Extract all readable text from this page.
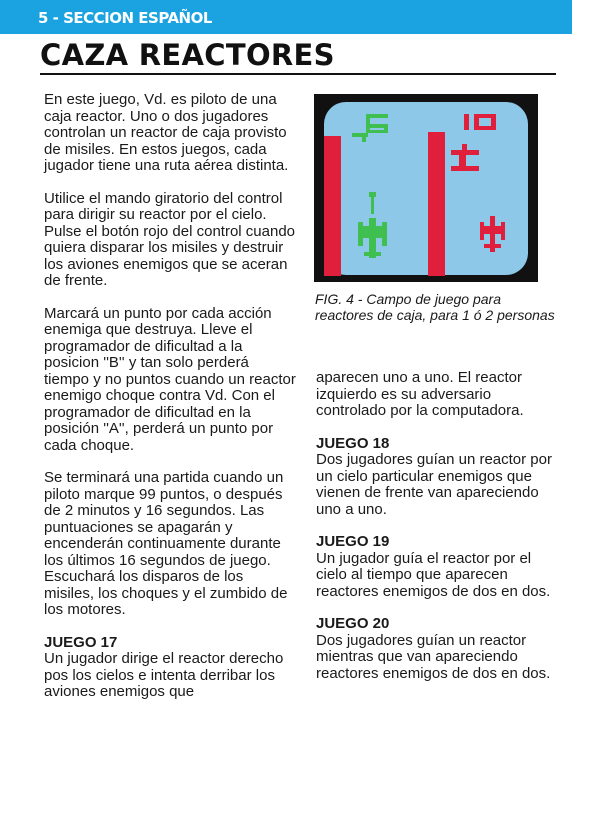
5 - SECCION ESPAÑOL
CAZA REACTORES

En este juego, Vd. es piloto de una caja reactor. Uno o dos jugadores controlan un reactor de caja provisto de misiles. En estos juegos, cada jugador tiene una ruta aérea distinta.

Utilice el mando giratorio del control para dirigir su reactor por el cielo. Pulse el botón rojo del control cuando quiera disparar los misiles y destruir los aviones enemigos que se aceran de frente.

Marcará un punto por cada acción enemiga que destruya. Lleve el programador de dificultad a la posicion ''B'' y tan solo perderá tiempo y no puntos cuando un reactor enemigo choque contra Vd. Con el programador de dificultad en la posición ''A'', perderá un punto por cada choque.

Se terminará una partida cuando un piloto marque 99 puntos, o después de 2 minutos y 16 segundos. Las puntuaciones se apagarán y encenderán continuamente durante los últimos 16 segundos de juego. Escuchará los disparos de los misiles, los choques y el zumbido de los motores.

JUEGO 17
Un jugador dirige el reactor derecho pos los cielos e intenta derribar los aviones enemigos que
FIG. 4 - Campo de juego para reactores de caja, para 1 ó 2 personas

aparecen uno a uno. El reactor izquierdo es su adversario controlado por la computadora.

JUEGO 18
Dos jugadores guían un reactor por un cielo particular enemigos que vienen de frente van apareciendo uno a uno.
JUEGO 19
Un jugador guía el reactor por el cielo al tiempo que aparecen reactores enemigos de dos en dos.
JUEGO 20
Dos jugadores guían un reactor mientras que van apareciendo reactores enemigos de dos en dos.
